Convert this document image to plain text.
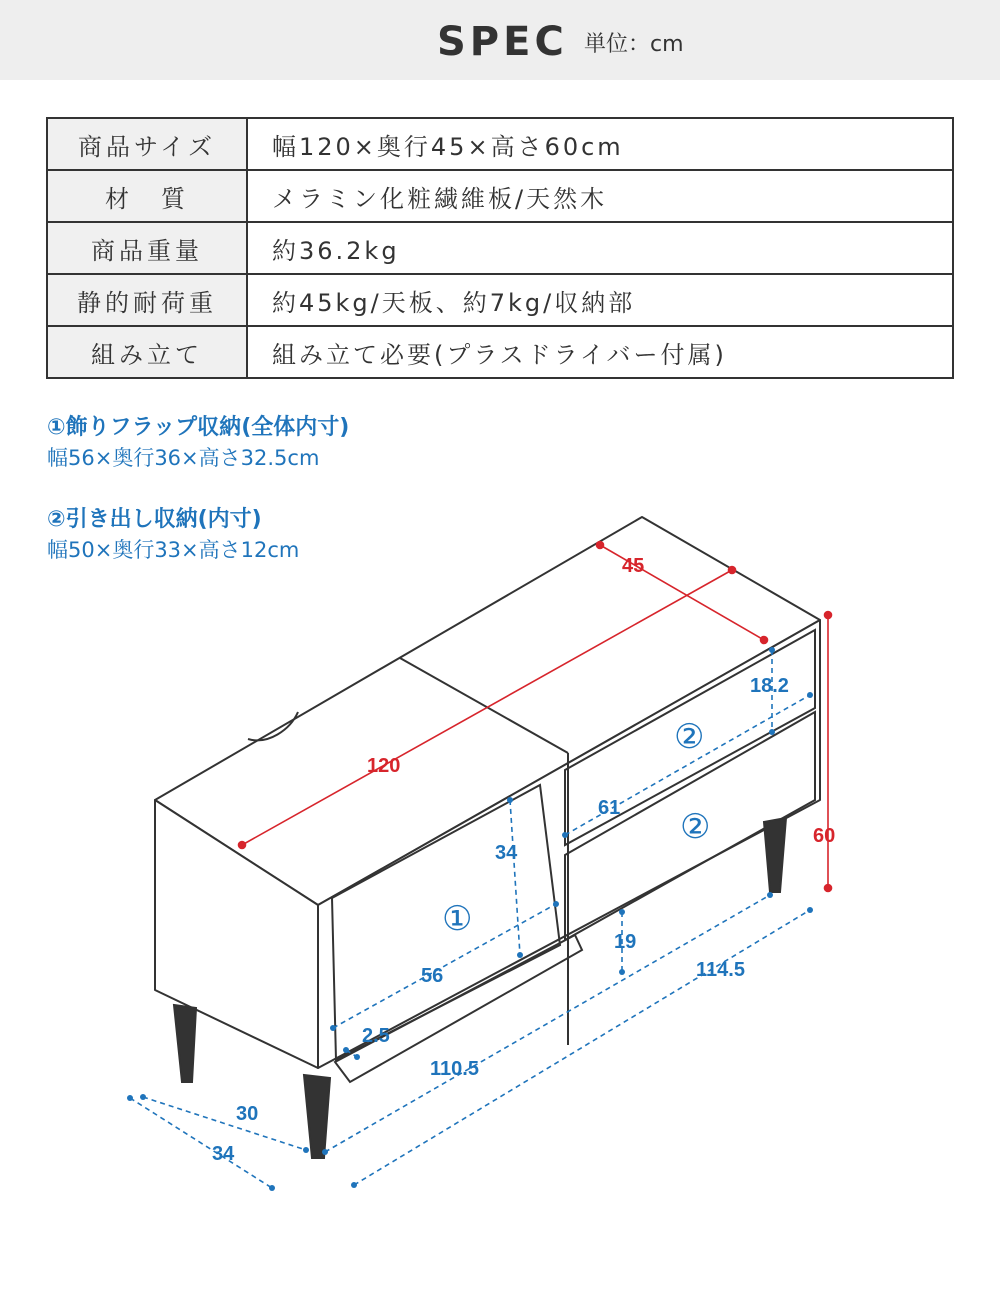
SPEC 単位：cm
商品サイズ	幅120×奥行45×高さ60cm
材　質	メラミン化粧繊維板/天然木
商品重量	約36.2kg
静的耐荷重	約45kg/天板、約7kg/収納部
組み立て	組み立て必要(プラスドライバー付属)
①飾りフラップ収納(全体内寸)
幅56×奥行36×高さ32.5cm
②引き出し収納(内寸)
幅50×奥行33×高さ12cm
120
45
60
18.2
61
34
56
2.5
19
114.5
110.5
30
34
①
②
②
